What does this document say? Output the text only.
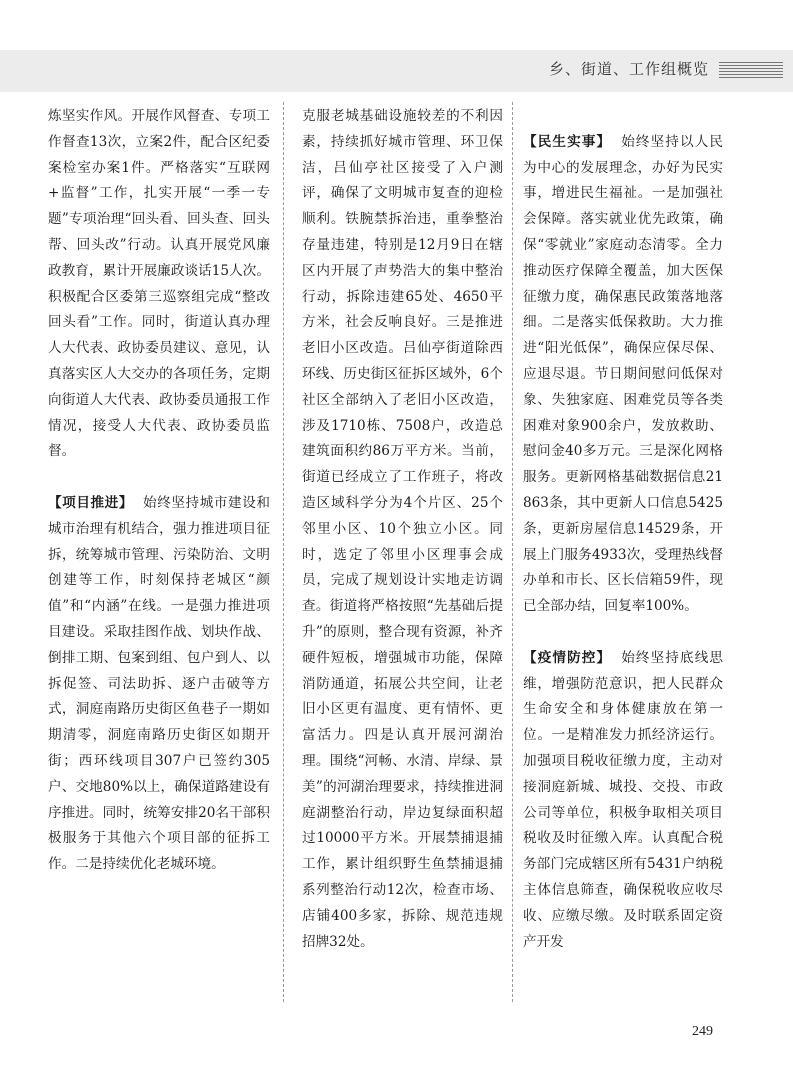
乡、街道、工作组概览

炼坚实作风。开展作风督查、专项工作督查13次，立案2件，配合区纪委案检室办案1件。严格落实“互联网+监督”工作，扎实开展“一季一专题”专项治理“回头看、回头查、回头帮、回头改”行动。认真开展党风廉政教育，累计开展廉政谈话15人次。积极配合区委第三巡察组完成“整改回头看”工作。同时，街道认真办理人大代表、政协委员建议、意见，认真落实区人大交办的各项任务，定期向街道人大代表、政协委员通报工作情况，接受人大代表、政协委员监督。

【项目推进】 始终坚持城市建设和城市治理有机结合，强力推进项目征拆，统筹城市管理、污染防治、文明创建等工作，时刻保持老城区“颜值”和“内涵”在线。一是强力推进项目建设。采取挂图作战、划块作战、倒排工期、包案到组、包户到人、以拆促签、司法助拆、逐户击破等方式，洞庭南路历史街区鱼巷子一期如期清零，洞庭南路历史街区如期开街；西环线项目307户已签约305户、交地80%以上，确保道路建设有序推进。同时，统筹安排20名干部积极服务于其他六个项目部的征拆工作。二是持续优化老城环境。

克服老城基础设施较差的不利因素，持续抓好城市管理、环卫保洁，吕仙亭社区接受了入户测评，确保了文明城市复查的迎检顺利。铁腕禁拆治违，重拳整治存量违建，特别是12月9日在辖区内开展了声势浩大的集中整治行动，拆除违建65处、4650平方米，社会反响良好。三是推进老旧小区改造。吕仙亭街道除西环线、历史街区征拆区域外，6个社区全部纳入了老旧小区改造，涉及1710栋、7508户，改造总建筑面积约86万平方米。当前，街道已经成立了工作班子，将改造区域科学分为4个片区、25个邻里小区、10个独立小区。同时，选定了邻里小区理事会成员，完成了规划设计实地走访调查。街道将严格按照“先基础后提升”的原则，整合现有资源，补齐硬件短板，增强城市功能，保障消防通道，拓展公共空间，让老旧小区更有温度、更有情怀、更富活力。四是认真开展河湖治理。围绕“河畅、水清、岸绿、景美”的河湖治理要求，持续推进洞庭湖整治行动，岸边复绿面积超过10000平方米。开展禁捕退捕工作，累计组织野生鱼禁捕退捕系列整治行动12次，检查市场、店铺400多家，拆除、规范违规招牌32处。

【民生实事】 始终坚持以人民为中心的发展理念，办好为民实事，增进民生福祉。一是加强社会保障。落实就业优先政策，确保“零就业”家庭动态清零。全力推动医疗保障全覆盖，加大医保征缴力度，确保惠民政策落地落细。二是落实低保救助。大力推进“阳光低保”，确保应保尽保、应退尽退。节日期间慰问低保对象、失独家庭、困难党员等各类困难对象900余户，发放救助、慰问金40多万元。三是深化网格服务。更新网格基础数据信息21863条，其中更新人口信息5425条，更新房屋信息14529条，开展上门服务4933次，受理热线督办单和市长、区长信箱59件，现已全部办结，回复率100%。

【疫情防控】 始终坚持底线思维，增强防范意识，把人民群众生命安全和身体健康放在第一位。一是精准发力抓经济运行。加强项目税收征缴力度，主动对接洞庭新城、城投、交投、市政公司等单位，积极争取相关项目税收及时征缴入库。认真配合税务部门完成辖区所有5431户纳税主体信息筛查，确保税收应收尽收、应缴尽缴。及时联系固定资产开发

249
